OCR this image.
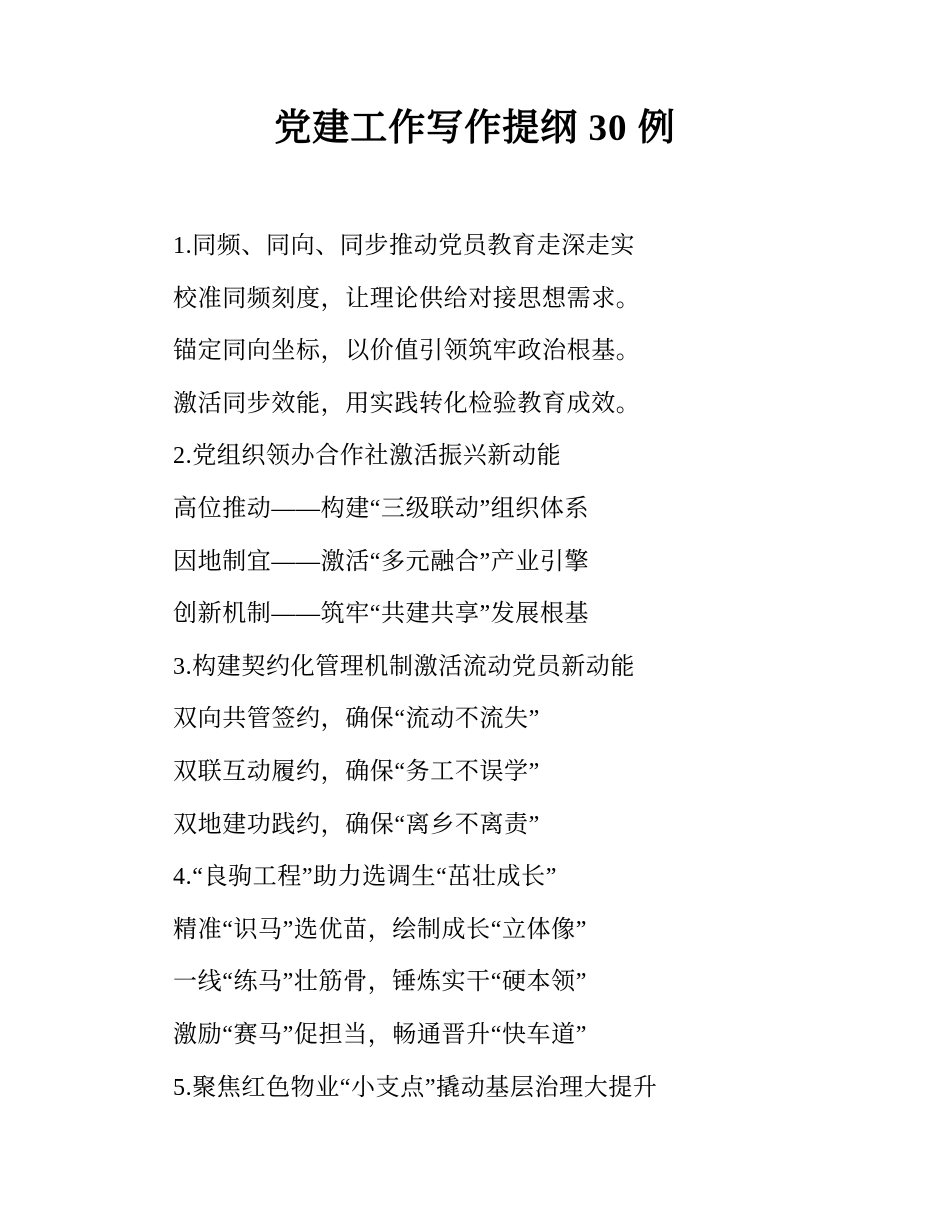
党建工作写作提纲 30 例

1.同频、同向、同步推动党员教育走深走实

校准同频刻度，让理论供给对接思想需求。

锚定同向坐标，以价值引领筑牢政治根基。

激活同步效能，用实践转化检验教育成效。

2.党组织领办合作社激活振兴新动能

高位推动——构建“三级联动”组织体系

因地制宜——激活“多元融合”产业引擎

创新机制——筑牢“共建共享”发展根基

3.构建契约化管理机制激活流动党员新动能

双向共管签约，确保“流动不流失”

双联互动履约，确保“务工不误学”

双地建功践约，确保“离乡不离责”

4.“良驹工程”助力选调生“茁壮成长”

精准“识马”选优苗，绘制成长“立体像”

一线“练马”壮筋骨，锤炼实干“硬本领”

激励“赛马”促担当，畅通晋升“快车道”

5.聚焦红色物业“小支点”撬动基层治理大提升
